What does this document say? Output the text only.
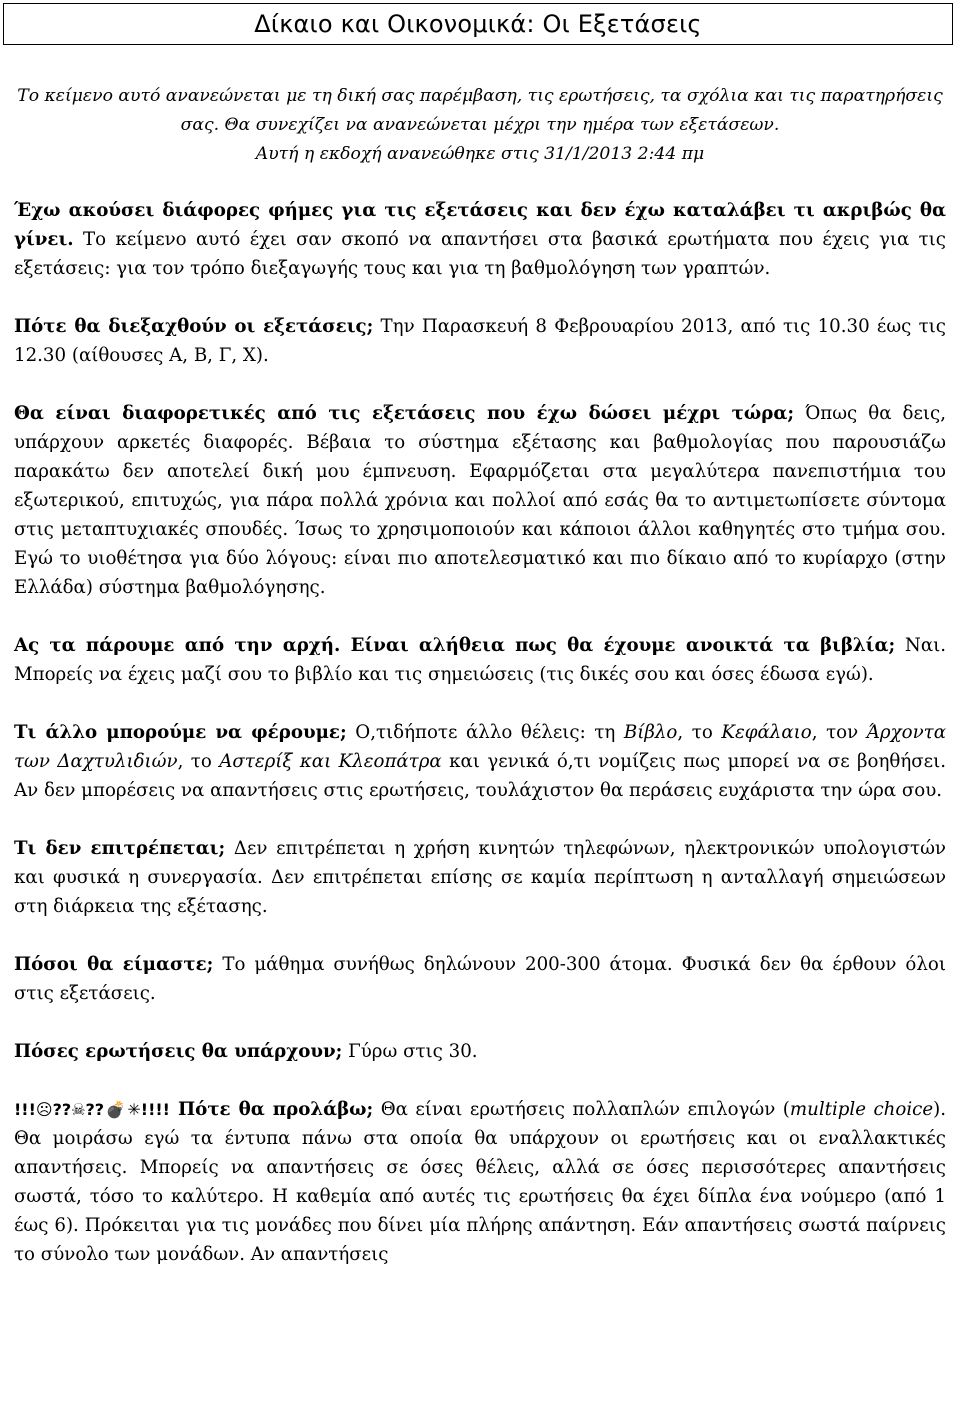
Δίκαιο και Οικονομικά: Οι Εξετάσεις
Το κείμενο αυτό ανανεώνεται με τη δική σας παρέμβαση, τις ερωτήσεις, τα σχόλια και τις παρατηρήσεις σας. Θα συνεχίζει να ανανεώνεται μέχρι την ημέρα των εξετάσεων.
Αυτή η εκδοχή ανανεώθηκε στις 31/1/2013 2:44 πμ

Έχω ακούσει διάφορες φήμες για τις εξετάσεις και δεν έχω καταλάβει τι ακριβώς θα γίνει. Το κείμενο αυτό έχει σαν σκοπό να απαντήσει στα βασικά ερωτήματα που έχεις για τις εξετάσεις: για τον τρόπο διεξαγωγής τους και για τη βαθμολόγηση των γραπτών.

Πότε θα διεξαχθούν οι εξετάσεις; Την Παρασκευή 8 Φεβρουαρίου 2013, από τις 10.30 έως τις 12.30 (αίθουσες Α, Β, Γ, Χ).

Θα είναι διαφορετικές από τις εξετάσεις που έχω δώσει μέχρι τώρα; Όπως θα δεις, υπάρχουν αρκετές διαφορές. Βέβαια το σύστημα εξέτασης και βαθμολογίας που παρουσιάζω παρακάτω δεν αποτελεί δική μου έμπνευση. Εφαρμόζεται στα μεγαλύτερα πανεπιστήμια του εξωτερικού, επιτυχώς, για πάρα πολλά χρόνια και πολλοί από εσάς θα το αντιμετωπίσετε σύντομα στις μεταπτυχιακές σπουδές. Ίσως το χρησιμοποιούν και κάποιοι άλλοι καθηγητές στο τμήμα σου. Εγώ το υιοθέτησα για δύο λόγους: είναι πιο αποτελεσματικό και πιο δίκαιο από το κυρίαρχο (στην Ελλάδα) σύστημα βαθμολόγησης.

Ας τα πάρουμε από την αρχή. Είναι αλήθεια πως θα έχουμε ανοικτά τα βιβλία; Ναι. Μπορείς να έχεις μαζί σου το βιβλίο και τις σημειώσεις (τις δικές σου και όσες έδωσα εγώ).

Τι άλλο μπορούμε να φέρουμε; Ο,τιδήποτε άλλο θέλεις: τη Βίβλο, το Κεφάλαιο, τον Άρχοντα των Δαχτυλιδιών, το Αστερίξ και Κλεοπάτρα και γενικά ό,τι νομίζεις πως μπορεί να σε βοηθήσει. Αν δεν μπορέσεις να απαντήσεις στις ερωτήσεις, τουλάχιστον θα περάσεις ευχάριστα την ώρα σου.

Τι δεν επιτρέπεται; Δεν επιτρέπεται η χρήση κινητών τηλεφώνων, ηλεκτρονικών υπολογιστών και φυσικά η συνεργασία. Δεν επιτρέπεται επίσης σε καμία περίπτωση η ανταλλαγή σημειώσεων στη διάρκεια της εξέτασης.

Πόσοι θα είμαστε; Το μάθημα συνήθως δηλώνουν 200-300 άτομα. Φυσικά δεν θα έρθουν όλοι στις εξετάσεις.

Πόσες ερωτήσεις θα υπάρχουν; Γύρω στις 30.

!!!☹??☠??💣✳!!!! Πότε θα προλάβω; Θα είναι ερωτήσεις πολλαπλών επιλογών (multiple choice). Θα μοιράσω εγώ τα έντυπα πάνω στα οποία θα υπάρχουν οι ερωτήσεις και οι εναλλακτικές απαντήσεις. Μπορείς να απαντήσεις σε όσες θέλεις, αλλά σε όσες περισσότερες απαντήσεις σωστά, τόσο το καλύτερο. Η καθεμία από αυτές τις ερωτήσεις θα έχει δίπλα ένα νούμερο (από 1 έως 6). Πρόκειται για τις μονάδες που δίνει μία πλήρης απάντηση. Εάν απαντήσεις σωστά παίρνεις το σύνολο των μονάδων. Αν απαντήσεις
